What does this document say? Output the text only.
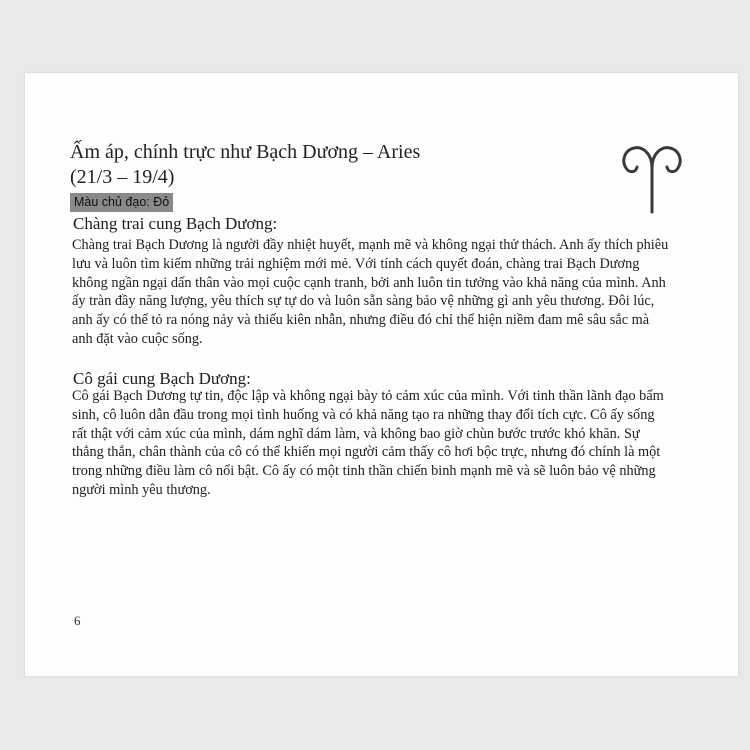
Ấm áp, chính trực như Bạch Dương – Aries
(21/3 – 19/4)
Màu chủ đạo: Đỏ
Chàng trai cung Bạch Dương:
Chàng trai Bạch Dương là người đầy nhiệt huyết, mạnh mẽ và không ngại thử thách. Anh ấy thích phiêu lưu và luôn tìm kiếm những trải nghiệm mới mẻ. Với tính cách quyết đoán, chàng trai Bạch Dương không ngần ngại dấn thân vào mọi cuộc cạnh tranh, bởi anh luôn tin tưởng vào khả năng của mình. Anh ấy tràn đầy năng lượng, yêu thích sự tự do và luôn sẵn sàng bảo vệ những gì anh yêu thương. Đôi lúc, anh ấy có thể tỏ ra nóng nảy và thiếu kiên nhẫn, nhưng điều đó chỉ thể hiện niềm đam mê sâu sắc mà anh đặt vào cuộc sống.
Cô gái cung Bạch Dương:
Cô gái Bạch Dương tự tin, độc lập và không ngại bày tỏ cảm xúc của mình. Với tinh thần lãnh đạo bẩm sinh, cô luôn dẫn đầu trong mọi tình huống và có khả năng tạo ra những thay đổi tích cực. Cô ấy sống rất thật với cảm xúc của mình, dám nghĩ dám làm, và không bao giờ chùn bước trước khó khăn. Sự thẳng thắn, chân thành của cô có thể khiến mọi người cảm thấy cô hơi bộc trực, nhưng đó chính là một trong những điều làm cô nổi bật. Cô ấy có một tinh thần chiến binh mạnh mẽ và sẽ luôn bảo vệ những người mình yêu thương.
6
